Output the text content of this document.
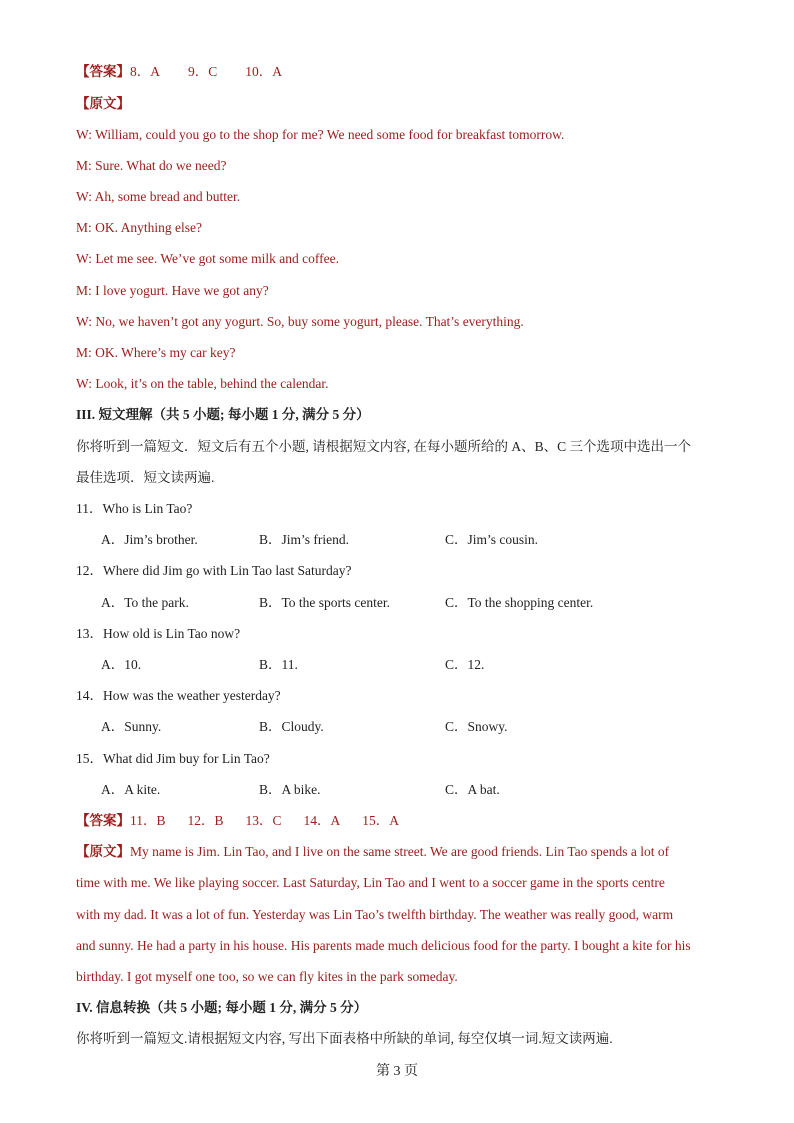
【答案】8．A 9．C 10．A
【原文】
W: William, could you go to the shop for me? We need some food for breakfast tomorrow.
M: Sure. What do we need?
W: Ah, some bread and butter.
M: OK. Anything else?
W: Let me see. We’ve got some milk and coffee.
M: I love yogurt. Have we got any?
W: No, we haven’t got any yogurt. So, buy some yogurt, please. That’s everything.
M: OK. Where’s my car key?
W: Look, it’s on the table, behind the calendar.
III. 短文理解（共 5 小题; 每小题 1 分, 满分 5 分）
你将听到一篇短文．短文后有五个小题, 请根据短文内容, 在每小题所给的 A、B、C 三个选项中选出一个
最佳选项．短文读两遍.
11．Who is Lin Tao?
A．Jim’s brother.	B．Jim’s friend.	C．Jim’s cousin.
12．Where did Jim go with Lin Tao last Saturday?
A．To the park.	B．To the sports center.	C．To the shopping center.
13．How old is Lin Tao now?
A．10.	B．11.	C．12.
14．How was the weather yesterday?
A．Sunny.	B．Cloudy.	C．Snowy.
15．What did Jim buy for Lin Tao?
A．A kite.	B．A bike.	C．A bat.
【答案】11．B 12．B 13．C 14．A 15．A
【原文】My name is Jim. Lin Tao, and I live on the same street. We are good friends. Lin Tao spends a lot of
time with me. We like playing soccer. Last Saturday, Lin Tao and I went to a soccer game in the sports centre
with my dad. It was a lot of fun. Yesterday was Lin Tao’s twelfth birthday. The weather was really good, warm
and sunny. He had a party in his house. His parents made much delicious food for the party. I bought a kite for his
birthday. I got myself one too, so we can fly kites in the park someday.
IV. 信息转换（共 5 小题; 每小题 1 分, 满分 5 分）
你将听到一篇短文.请根据短文内容, 写出下面表格中所缺的单词, 每空仅填一词.短文读两遍.
第 3 页
